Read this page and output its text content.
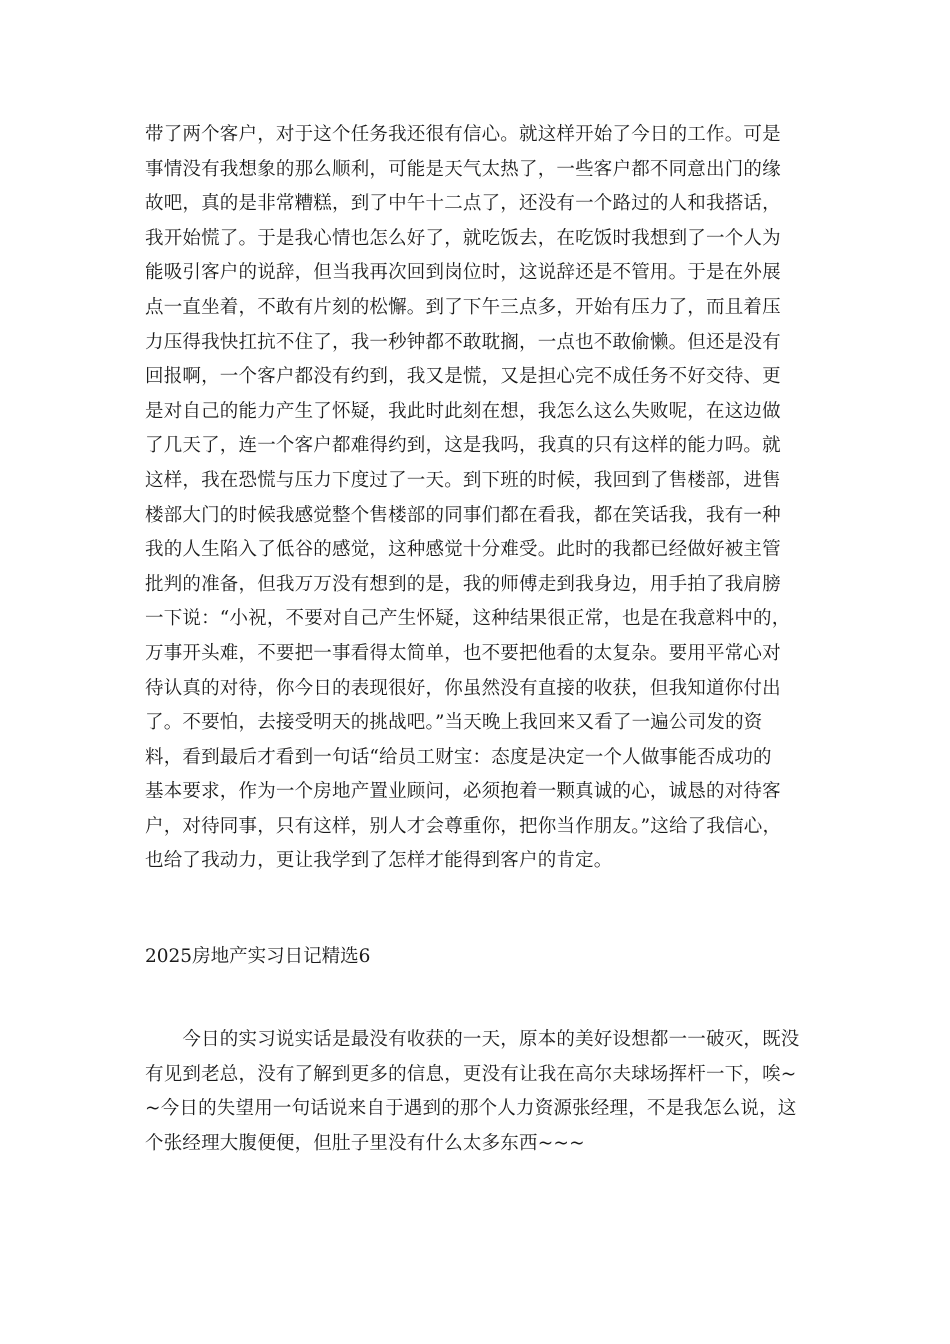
带了两个客户，对于这个任务我还很有信心。就这样开始了今日的工作。可是
事情没有我想象的那么顺利，可能是天气太热了，一些客户都不同意出门的缘
故吧，真的是非常糟糕，到了中午十二点了，还没有一个路过的人和我搭话，
我开始慌了。于是我心情也怎么好了，就吃饭去，在吃饭时我想到了一个人为
能吸引客户的说辞，但当我再次回到岗位时，这说辞还是不管用。于是在外展
点一直坐着，不敢有片刻的松懈。到了下午三点多，开始有压力了，而且着压
力压得我快扛抗不住了，我一秒钟都不敢耽搁，一点也不敢偷懒。但还是没有
回报啊，一个客户都没有约到，我又是慌，又是担心完不成任务不好交待、更
是对自己的能力产生了怀疑，我此时此刻在想，我怎么这么失败呢，在这边做
了几天了，连一个客户都难得约到，这是我吗，我真的只有这样的能力吗。就
这样，我在恐慌与压力下度过了一天。到下班的时候，我回到了售楼部，进售
楼部大门的时候我感觉整个售楼部的同事们都在看我，都在笑话我，我有一种
我的人生陷入了低谷的感觉，这种感觉十分难受。此时的我都已经做好被主管
批判的准备，但我万万没有想到的是，我的师傅走到我身边，用手拍了我肩膀
一下说：“小祝，不要对自己产生怀疑，这种结果很正常，也是在我意料中的，
万事开头难，不要把一事看得太简单，也不要把他看的太复杂。要用平常心对
待认真的对待，你今日的表现很好，你虽然没有直接的收获，但我知道你付出
了。不要怕，去接受明天的挑战吧。”当天晚上我回来又看了一遍公司发的资
料，看到最后才看到一句话“给员工财宝：态度是决定一个人做事能否成功的
基本要求，作为一个房地产置业顾问，必须抱着一颗真诚的心，诚恳的对待客
户，对待同事，只有这样，别人才会尊重你，把你当作朋友。”这给了我信心，
也给了我动力，更让我学到了怎样才能得到客户的肯定。
2025房地产实习日记精选6
　　今日的实习说实话是最没有收获的一天，原本的美好设想都一一破灭，既没
有见到老总，没有了解到更多的信息，更没有让我在高尔夫球场挥杆一下，唉~
~今日的失望用一句话说来自于遇到的那个人力资源张经理，不是我怎么说，这
个张经理大腹便便，但肚子里没有什么太多东西~~~
